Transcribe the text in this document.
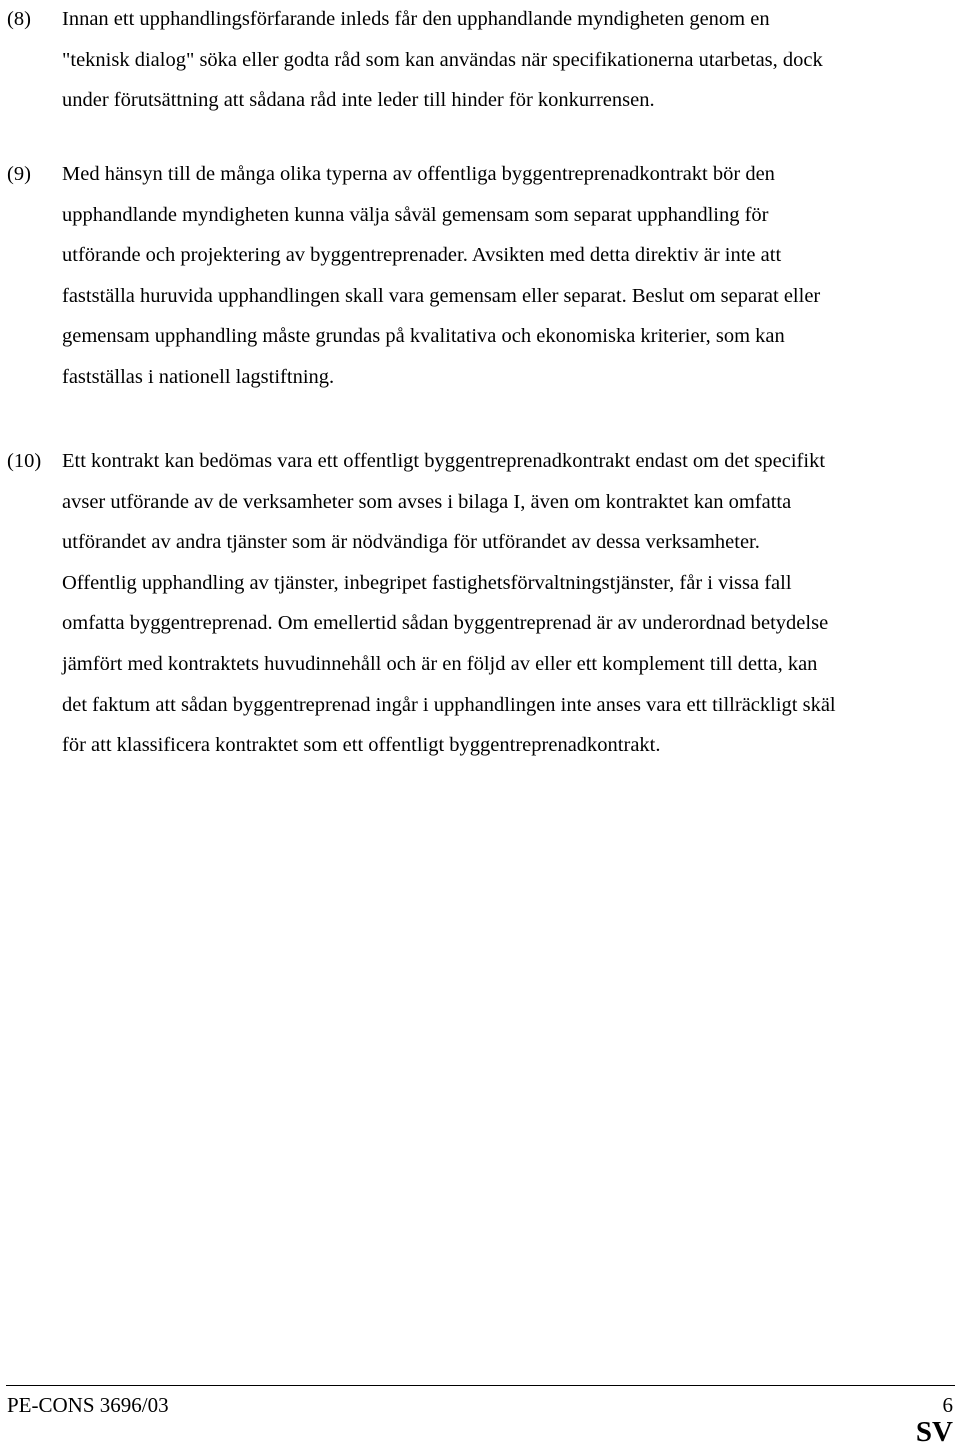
(8) Innan ett upphandlingsförfarande inleds får den upphandlande myndigheten genom en
"teknisk dialog" söka eller godta råd som kan användas när specifikationerna utarbetas, dock
under förutsättning att sådana råd inte leder till hinder för konkurrensen.

(9) Med hänsyn till de många olika typerna av offentliga byggentreprenadkontrakt bör den
upphandlande myndigheten kunna välja såväl gemensam som separat upphandling för
utförande och projektering av byggentreprenader. Avsikten med detta direktiv är inte att
fastställa huruvida upphandlingen skall vara gemensam eller separat. Beslut om separat eller
gemensam upphandling måste grundas på kvalitativa och ekonomiska kriterier, som kan
fastställas i nationell lagstiftning.

(10) Ett kontrakt kan bedömas vara ett offentligt byggentreprenadkontrakt endast om det specifikt
avser utförande av de verksamheter som avses i bilaga I, även om kontraktet kan omfatta
utförandet av andra tjänster som är nödvändiga för utförandet av dessa verksamheter.
Offentlig upphandling av tjänster, inbegripet fastighetsförvaltningstjänster, får i vissa fall
omfatta byggentreprenad. Om emellertid sådan byggentreprenad är av underordnad betydelse
jämfört med kontraktets huvudinnehåll och är en följd av eller ett komplement till detta, kan
det faktum att sådan byggentreprenad ingår i upphandlingen inte anses vara ett tillräckligt skäl
för att klassificera kontraktet som ett offentligt byggentreprenadkontrakt.

PE-CONS 3696/03	6
SV
